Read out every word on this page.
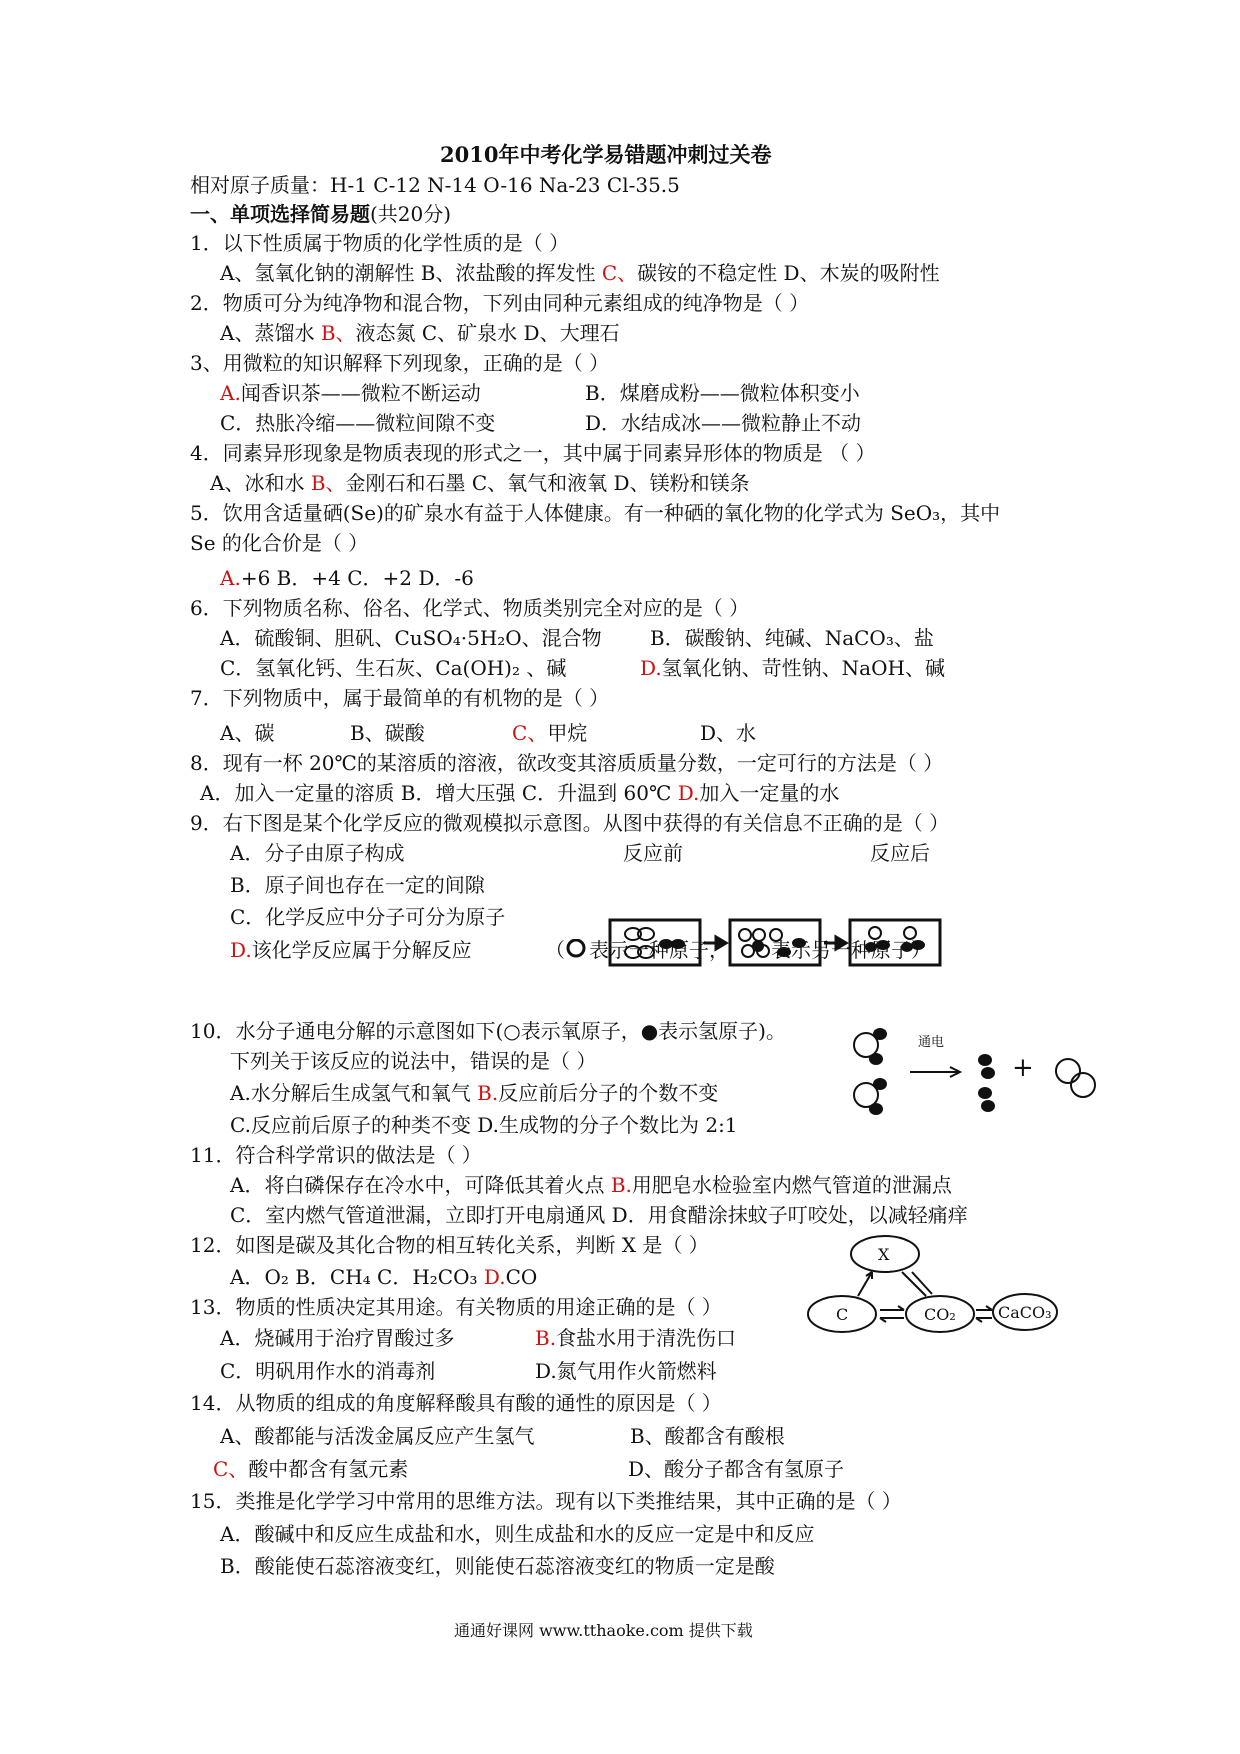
2010年中考化学易错题冲刺过关卷
相对原子质量：H-1 C-12 N-14 O-16 Na-23 Cl-35.5
一、单项选择简易题(共20分)
1．以下性质属于物质的化学性质的是（ ）
A、氢氧化钠的潮解性 B、浓盐酸的挥发性 C、碳铵的不稳定性 D、木炭的吸附性
2．物质可分为纯净物和混合物，下列由同种元素组成的纯净物是（ ）
A、蒸馏水 B、液态氮 C、矿泉水 D、大理石
3、用微粒的知识解释下列现象，正确的是（ ）
A.闻香识茶——微粒不断运动	B．煤磨成粉——微粒体积变小
C．热胀冷缩——微粒间隙不变	D．水结成冰——微粒静止不动
4．同素异形现象是物质表现的形式之一，其中属于同素异形体的物质是 （ ）
A、冰和水 B、金刚石和石墨 C、氧气和液氧 D、镁粉和镁条
5．饮用含适量硒(Se)的矿泉水有益于人体健康。有一种硒的氧化物的化学式为 SeO₃，其中
Se 的化合价是（ ）
A.+6 B．+4 C．+2 D．-6
6．下列物质名称、俗名、化学式、物质类别完全对应的是（ ）
A．硫酸铜、胆矾、CuSO₄·5H₂O、混合物 B．碳酸钠、纯碱、NaCO₃、盐
C．氢氧化钙、生石灰、Ca(OH)₂ 、碱	D.氢氧化钠、苛性钠、NaOH、碱
7．下列物质中，属于最简单的有机物的是（ ）
A、碳	B、碳酸	C、甲烷	D、水
8．现有一杯 20℃的某溶质的溶液，欲改变其溶质质量分数，一定可行的方法是（ ）
A．加入一定量的溶质 B．增大压强 C．升温到 60℃ D.加入一定量的水
9．右下图是某个化学反应的微观模拟示意图。从图中获得的有关信息不正确的是（ ）
A．分子由原子构成
B．原子间也存在一定的间隙
C．化学反应中分子可分为原子
D.该化学反应属于分解反应
反应前	反应后
（ 表示一种原子， 表示另一种原子）
10．水分子通电分解的示意图如下(○表示氧原子，●表示氢原子)。
下列关于该反应的说法中，错误的是（ ）
A.水分解后生成氢气和氧气 B.反应前后分子的个数不变
C.反应前后原子的种类不变 D.生成物的分子个数比为 2:1
通电
+
11．符合科学常识的做法是（ ）
A．将白磷保存在冷水中，可降低其着火点 B.用肥皂水检验室内燃气管道的泄漏点
C．室内燃气管道泄漏，立即打开电扇通风 D．用食醋涂抹蚊子叮咬处，以减轻痛痒
12．如图是碳及其化合物的相互转化关系，判断 X 是（ ）
A．O₂ B．CH₄ C．H₂CO₃ D.CO
X
C	CO₂	CaCO₃
13．物质的性质决定其用途。有关物质的用途正确的是（ ）
A．烧碱用于治疗胃酸过多	B.食盐水用于清洗伤口
C．明矾用作水的消毒剂	D.氮气用作火箭燃料
14．从物质的组成的角度解释酸具有酸的通性的原因是（ ）
A、酸都能与活泼金属反应产生氢气	B、酸都含有酸根
C、酸中都含有氢元素	D、酸分子都含有氢原子
15．类推是化学学习中常用的思维方法。现有以下类推结果，其中正确的是（ ）
A．酸碱中和反应生成盐和水，则生成盐和水的反应一定是中和反应
B．酸能使石蕊溶液变红，则能使石蕊溶液变红的物质一定是酸
通通好课网 www.tthaoke.com 提供下载
